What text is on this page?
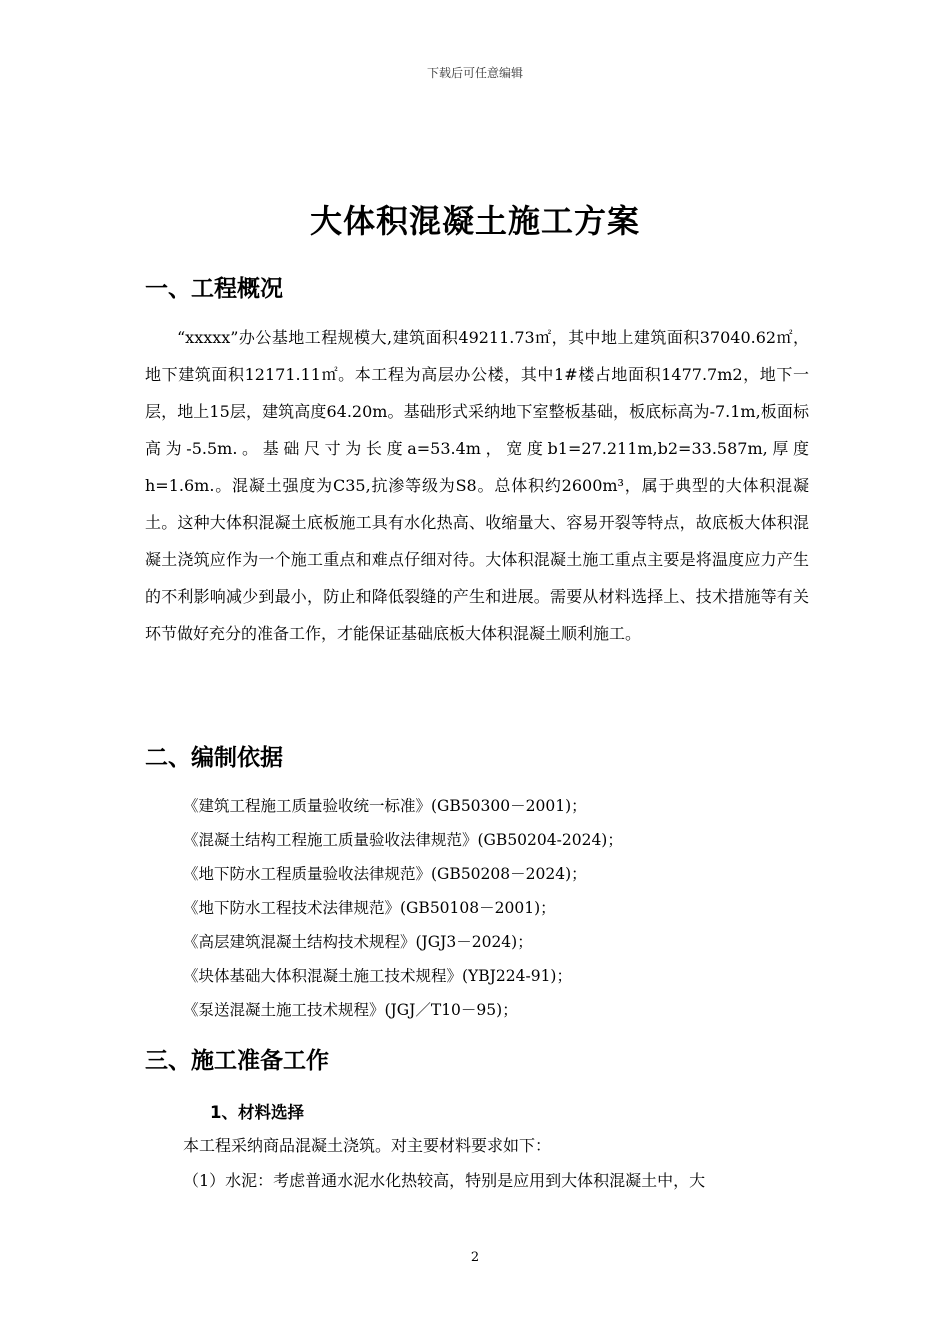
下载后可任意编辑
大体积混凝土施工方案
一、工程概况
“xxxxx”办公基地工程规模大,建筑面积49211.73㎡，其中地上建筑面积37040.62㎡，地下建筑面积12171.11㎡。本工程为高层办公楼，其中1#楼占地面积1477.7m2，地下一层，地上15层，建筑高度64.20m。基础形式采纳地下室整板基础，板底标高为-7.1m,板面标高为-5.5m.。基础尺寸为长度a=53.4m，宽度b1=27.211m,b2=33.587m,厚度h=1.6m.。混凝土强度为C35,抗渗等级为S8。总体积约2600m³，属于典型的大体积混凝土。这种大体积混凝土底板施工具有水化热高、收缩量大、容易开裂等特点，故底板大体积混凝土浇筑应作为一个施工重点和难点仔细对待。大体积混凝土施工重点主要是将温度应力产生的不利影响减少到最小，防止和降低裂缝的产生和进展。需要从材料选择上、技术措施等有关环节做好充分的准备工作，才能保证基础底板大体积混凝土顺利施工。
二、编制依据
《建筑工程施工质量验收统一标准》(GB50300－2001)；
《混凝土结构工程施工质量验收法律规范》(GB50204-2024)；
《地下防水工程质量验收法律规范》(GB50208－2024)；
《地下防水工程技术法律规范》(GB50108－2001)；
《高层建筑混凝土结构技术规程》(JGJ3－2024)；
《块体基础大体积混凝土施工技术规程》(YBJ224-91)；
《泵送混凝土施工技术规程》(JGJ／T10－95)；
三、施工准备工作
1、材料选择
本工程采纳商品混凝土浇筑。对主要材料要求如下：
（1）水泥：考虑普通水泥水化热较高，特别是应用到大体积混凝土中，大
2
